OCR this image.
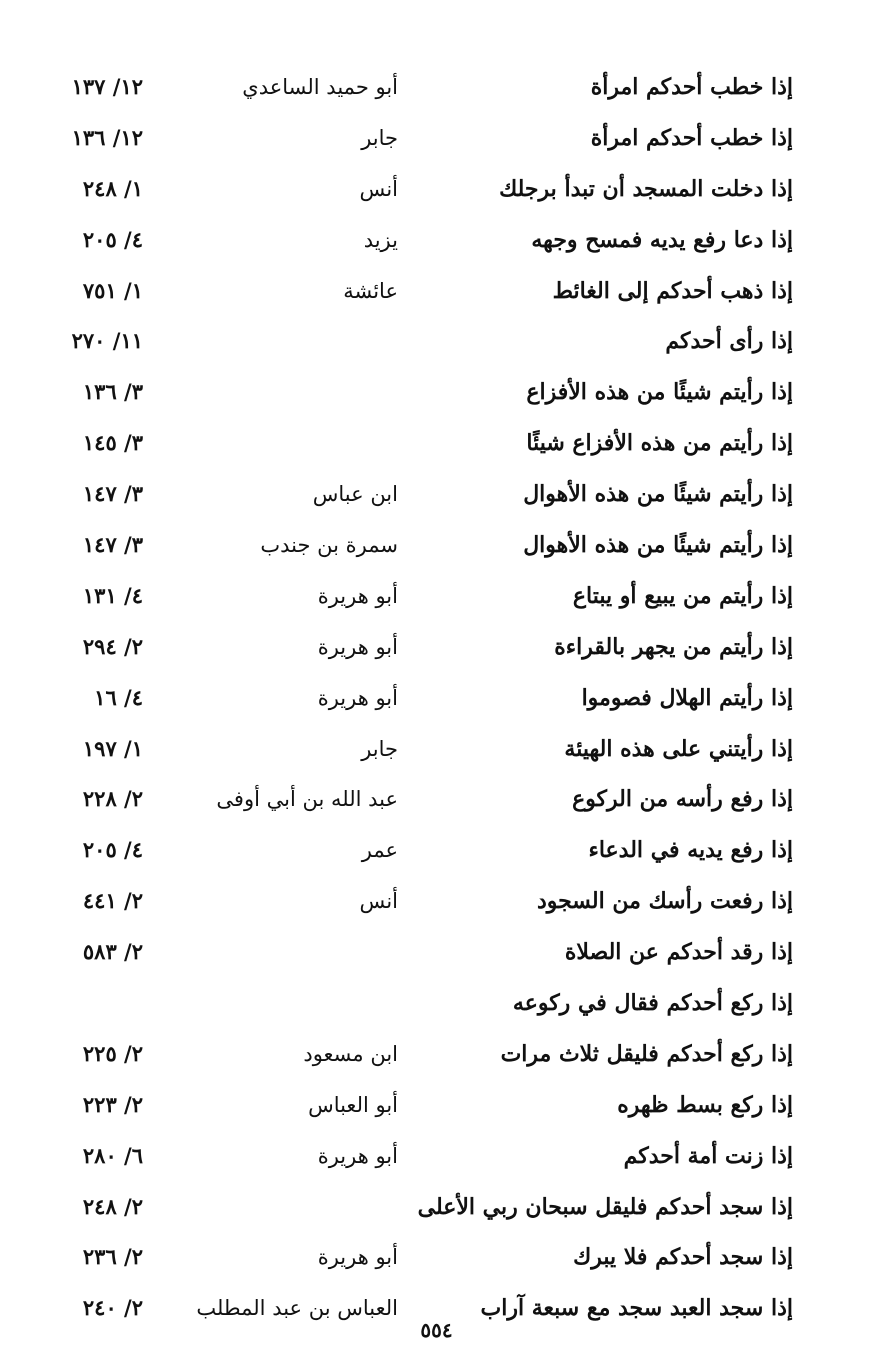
إذا خطب أحدكم امرأة
أبو حميد الساعدي
١٢/ ١٣٧
إذا خطب أحدكم امرأة
جابر
١٢/ ١٣٦
إذا دخلت المسجد أن تبدأ برجلك
أنس
١/ ٢٤٨
إذا دعا رفع يديه فمسح وجهه
يزيد
٤/ ٢٠٥
إذا ذهب أحدكم إلى الغائط
عائشة
١/ ٧٥١
إذا رأى أحدكم
١١/ ٢٧٠
إذا رأيتم شيئًا من هذه الأفزاع
٣/ ١٣٦
إذا رأيتم من هذه الأفزاع شيئًا
٣/ ١٤٥
إذا رأيتم شيئًا من هذه الأهوال
ابن عباس
٣/ ١٤٧
إذا رأيتم شيئًا من هذه الأهوال
سمرة بن جندب
٣/ ١٤٧
إذا رأيتم من يبيع أو يبتاع
أبو هريرة
٤/ ١٣١
إذا رأيتم من يجهر بالقراءة
أبو هريرة
٢/ ٢٩٤
إذا رأيتم الهلال فصوموا
أبو هريرة
٤/ ١٦
إذا رأيتني على هذه الهيئة
جابر
١/ ١٩٧
إذا رفع رأسه من الركوع
عبد الله بن أبي أوفى
٢/ ٢٢٨
إذا رفع يديه في الدعاء
عمر
٤/ ٢٠٥
إذا رفعت رأسك من السجود
أنس
٢/ ٤٤١
إذا رقد أحدكم عن الصلاة
٢/ ٥٨٣
إذا ركع أحدكم فقال في ركوعه
إذا ركع أحدكم فليقل ثلاث مرات
ابن مسعود
٢/ ٢٢٥
إذا ركع بسط ظهره
أبو العباس
٢/ ٢٢٣
إذا زنت أمة أحدكم
أبو هريرة
٦/ ٢٨٠
إذا سجد أحدكم فليقل سبحان ربي الأعلى
٢/ ٢٤٨
إذا سجد أحدكم فلا يبرك
أبو هريرة
٢/ ٢٣٦
إذا سجد العبد سجد مع سبعة آراب
العباس بن عبد المطلب
٢/ ٢٤٠
٥٥٤
